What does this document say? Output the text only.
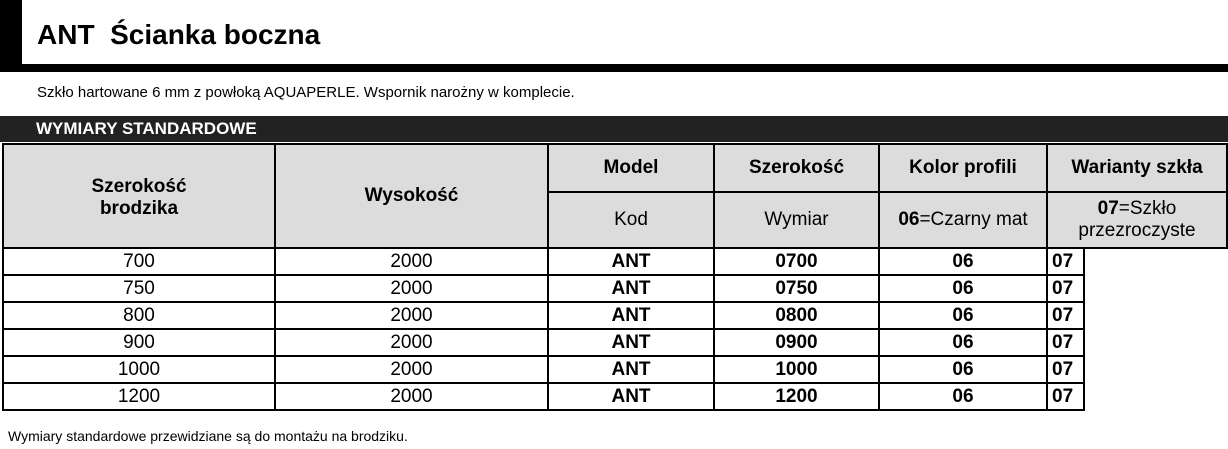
ANT  Ścianka boczna
Szkło hartowane 6 mm z powłoką AQUAPERLE. Wspornik narożny w komplecie.
WYMIARY STANDARDOWE
Szerokość
brodzika	Wysokość	Model	Szerokość	Kolor profili	Warianty szkła	
		Kod	Wymiar	06=Czarny mat	07=Szkło przezroczyste	
700	2000	ANT	0700	06	07	
750	2000	ANT	0750	06	07	
800	2000	ANT	0800	06	07	
900	2000	ANT	0900	06	07	
1000	2000	ANT	1000	06	07	
1200	2000	ANT	1200	06	07	
Wymiary standardowe przewidziane są do montażu na brodziku.
